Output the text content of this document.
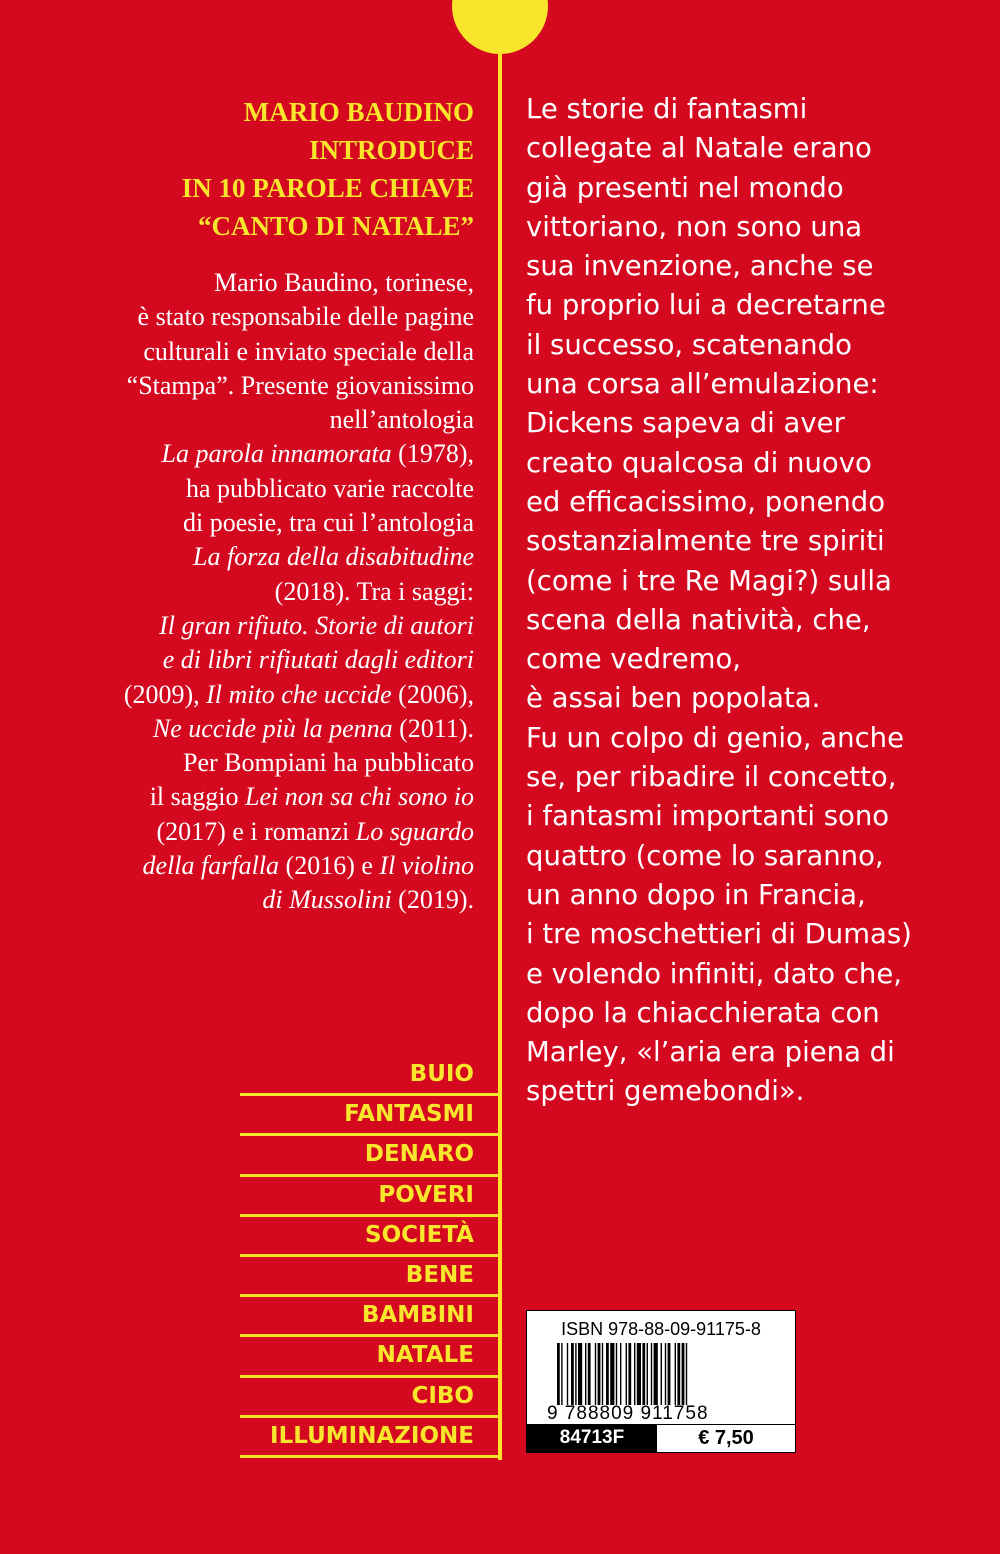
MARIO BAUDINO
INTRODUCE
IN 10 PAROLE CHIAVE
“CANTO DI NATALE”
Mario Baudino, torinese,
è stato responsabile delle pagine
culturali e inviato speciale della
“Stampa”. Presente giovanissimo
nell’antologia
La parola innamorata (1978),
ha pubblicato varie raccolte
di poesie, tra cui l’antologia
La forza della disabitudine
(2018). Tra i saggi:
Il gran rifiuto. Storie di autori
e di libri rifiutati dagli editori
(2009), Il mito che uccide (2006),
Ne uccide più la penna (2011).
Per Bompiani ha pubblicato
il saggio Lei non sa chi sono io
(2017) e i romanzi Lo sguardo
della farfalla (2016) e Il violino
di Mussolini (2019).
Le storie di fantasmi
collegate al Natale erano
già presenti nel mondo
vittoriano, non sono una
sua invenzione, anche se
fu proprio lui a decretarne
il successo, scatenando
una corsa all’emulazione:
Dickens sapeva di aver
creato qualcosa di nuovo
ed efficacissimo, ponendo
sostanzialmente tre spiriti
(come i tre Re Magi?) sulla
scena della natività, che,
come vedremo,
è assai ben popolata.
Fu un colpo di genio, anche
se, per ribadire il concetto,
i fantasmi importanti sono
quattro (come lo saranno,
un anno dopo in Francia,
i tre moschettieri di Dumas)
e volendo infiniti, dato che,
dopo la chiacchierata con
Marley, «l’aria era piena di
spettri gemebondi».
BUIO
FANTASMI
DENARO
POVERI
SOCIETÀ
BENE
BAMBINI
NATALE
CIBO
ILLUMINAZIONE
ISBN 978-88-09-91175-8
9 788809 911758
84713F	€ 7,50
